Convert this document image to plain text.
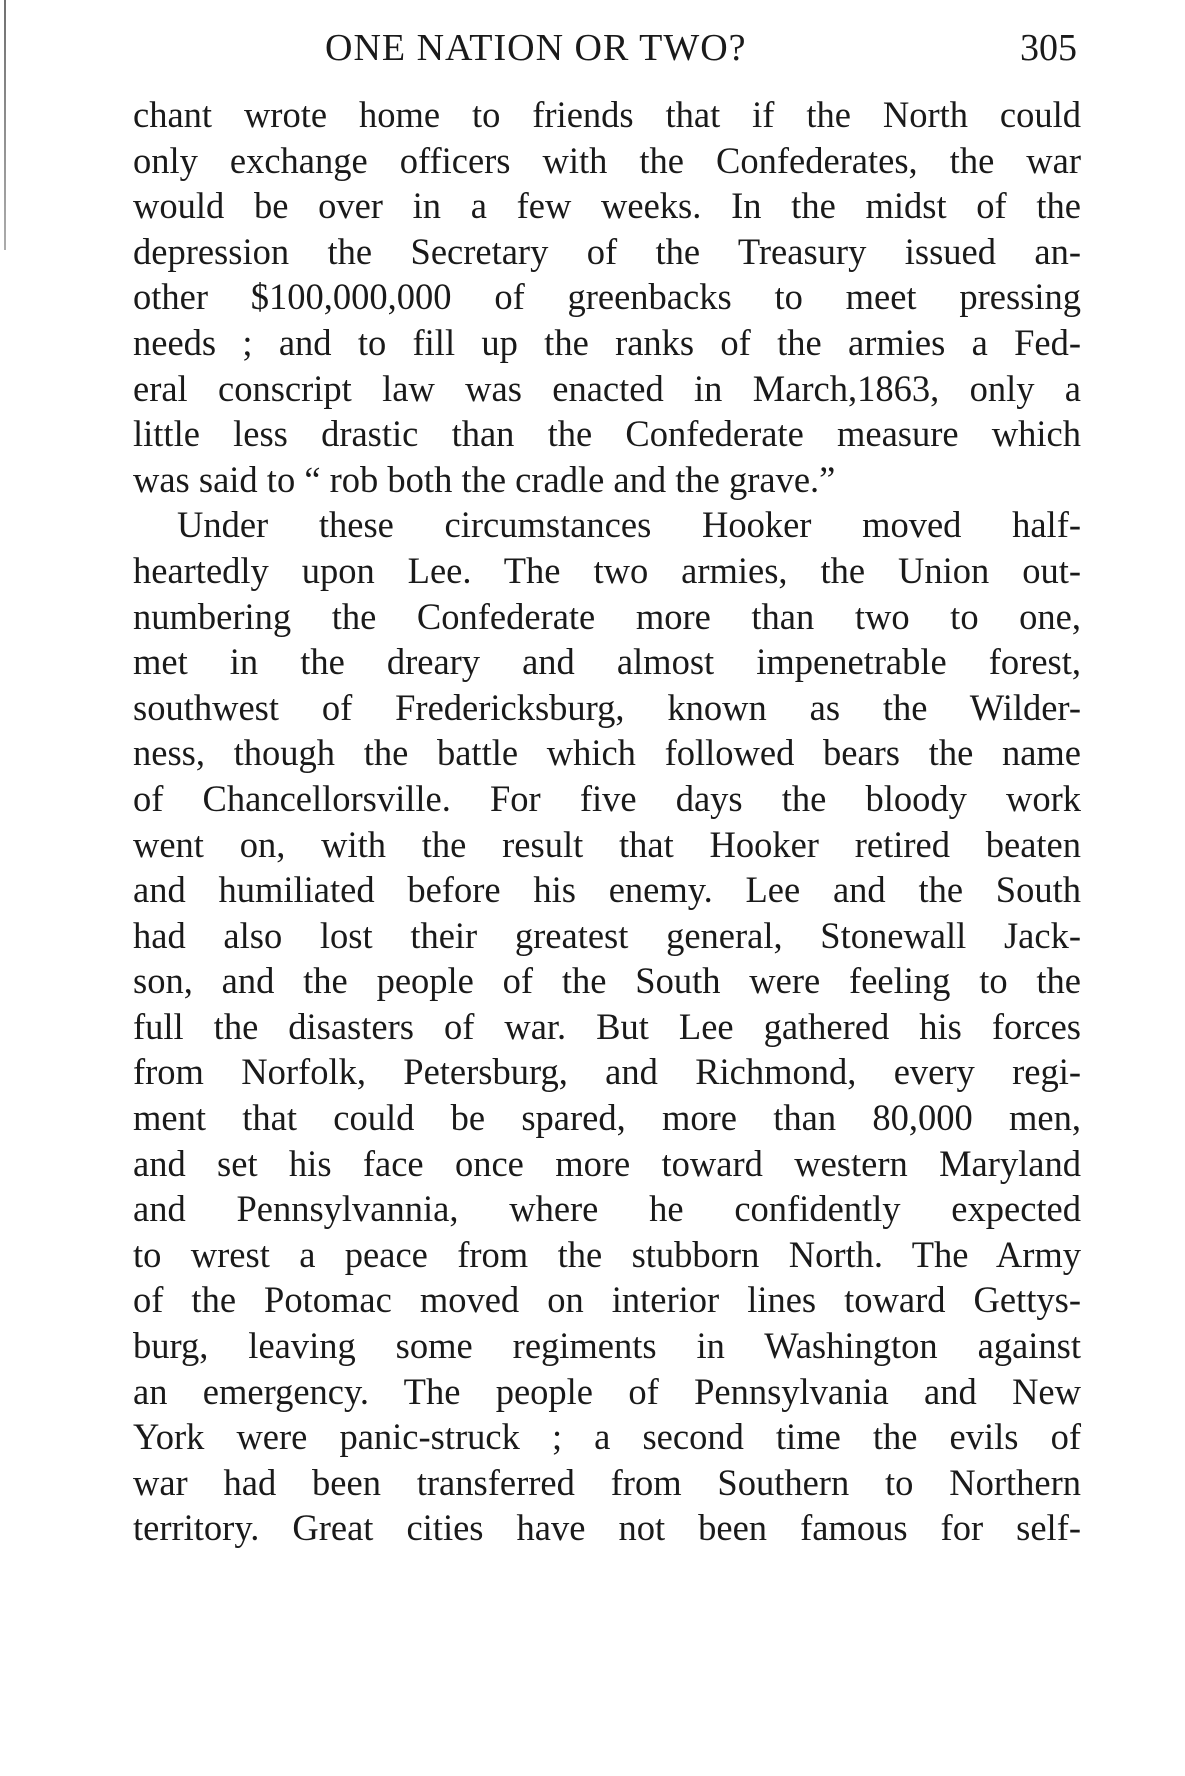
ONE NATION OR TWO?	305
chant wrote home to friends that if the North could
only exchange officers with the Confederates, the war
would be over in a few weeks. In the midst of the
depression the Secretary of the Treasury issued an-
other $100,000,000 of greenbacks to meet pressing
needs ; and to fill up the ranks of the armies a Fed-
eral conscript law was enacted in March,1863, only a
little less drastic than the Confederate measure which
was said to “ rob both the cradle and the grave.”
Under these circumstances Hooker moved half-
heartedly upon Lee. The two armies, the Union out-
numbering the Confederate more than two to one,
met in the dreary and almost impenetrable forest,
southwest of Fredericksburg, known as the Wilder-
ness, though the battle which followed bears the name
of Chancellorsville. For five days the bloody work
went on, with the result that Hooker retired beaten
and humiliated before his enemy. Lee and the South
had also lost their greatest general, Stonewall Jack-
son, and the people of the South were feeling to the
full the disasters of war. But Lee gathered his forces
from Norfolk, Petersburg, and Richmond, every regi-
ment that could be spared, more than 80,000 men,
and set his face once more toward western Maryland
and Pennsylvannia, where he confidently expected
to wrest a peace from the stubborn North. The Army
of the Potomac moved on interior lines toward Gettys-
burg, leaving some regiments in Washington against
an emergency. The people of Pennsylvania and New
York were panic-struck ; a second time the evils of
war had been transferred from Southern to Northern
territory. Great cities have not been famous for self-
